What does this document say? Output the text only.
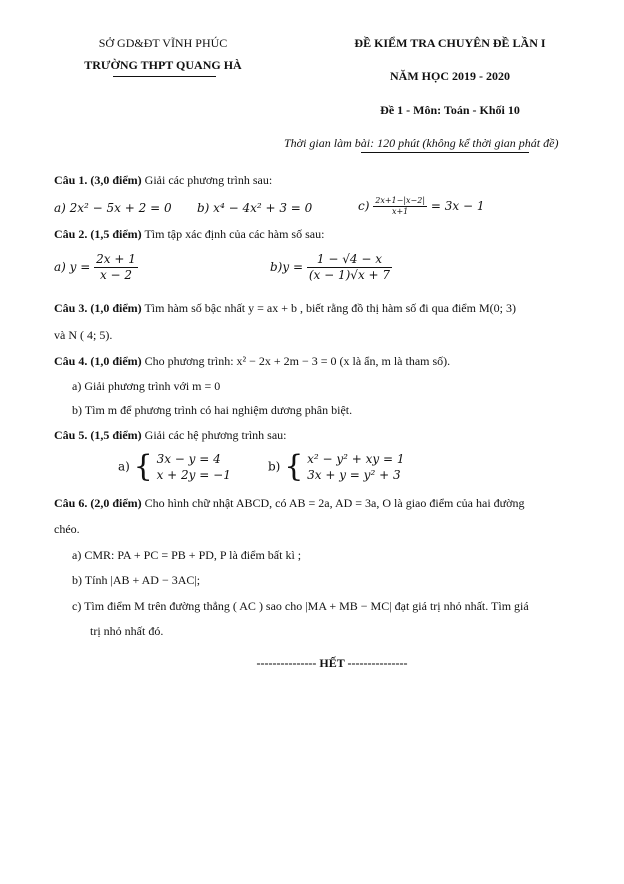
SỞ GD&ĐT VĨNH PHÚC
TRƯỜNG THPT QUANG HÀ
ĐỀ KIỂM TRA CHUYÊN ĐỀ LẦN I
NĂM HỌC 2019 - 2020
Đề 1 - Môn: Toán - Khối 10
Thời gian làm bài: 120 phút (không kể thời gian phát đề)
Câu 1. (3,0 điểm) Giải các phương trình sau:
a) 2x² − 5x + 2 = 0 b) x⁴ − 4x² + 3 = 0	$c) \frac{2x+1-|x-2|}{x+1} = 3x - 1$
Câu 2. (1,5 điểm) Tìm tập xác định của các hàm số sau:
a) $y = \frac{2x + 1}{x - 2}$	$b)y = \frac{1 - √4 - x}{(x - 1)√x + 7}$
Câu 3. (1,0 điểm) Tìm hàm số bậc nhất y = ax + b , biết rằng đồ thị hàm số đi qua điểm M(0; 3)
và N ( 4; 5).
Câu 4. (1,0 điểm) Cho phương trình: x² − 2x + 2m − 3 = 0 (x là ẩn, m là tham số).
a) Giải phương trình với m = 0
b) Tìm m để phương trình có hai nghiệm dương phân biệt.
Câu 5. (1,5 điểm) Giải các hệ phương trình sau:
a) { 3x − y = 4
x + 2y = −1
b) { x² − y² + xy = 1
3x + y = y² + 3
Câu 6. (2,0 điểm) Cho hình chữ nhật ABCD, có AB = 2a, AD = 3a, O là giao điểm của hai đường
chéo.
a) CMR: PA + PC = PB + PD, P là điểm bất kì ;
b) Tính |AB + AD − 3AC|;
c) Tìm điểm M trên đường thẳng ( AC ) sao cho |MA + MB − MC| đạt giá trị nhỏ nhất. Tìm giá
trị nhỏ nhất đó.
--------------- HẾT ---------------
